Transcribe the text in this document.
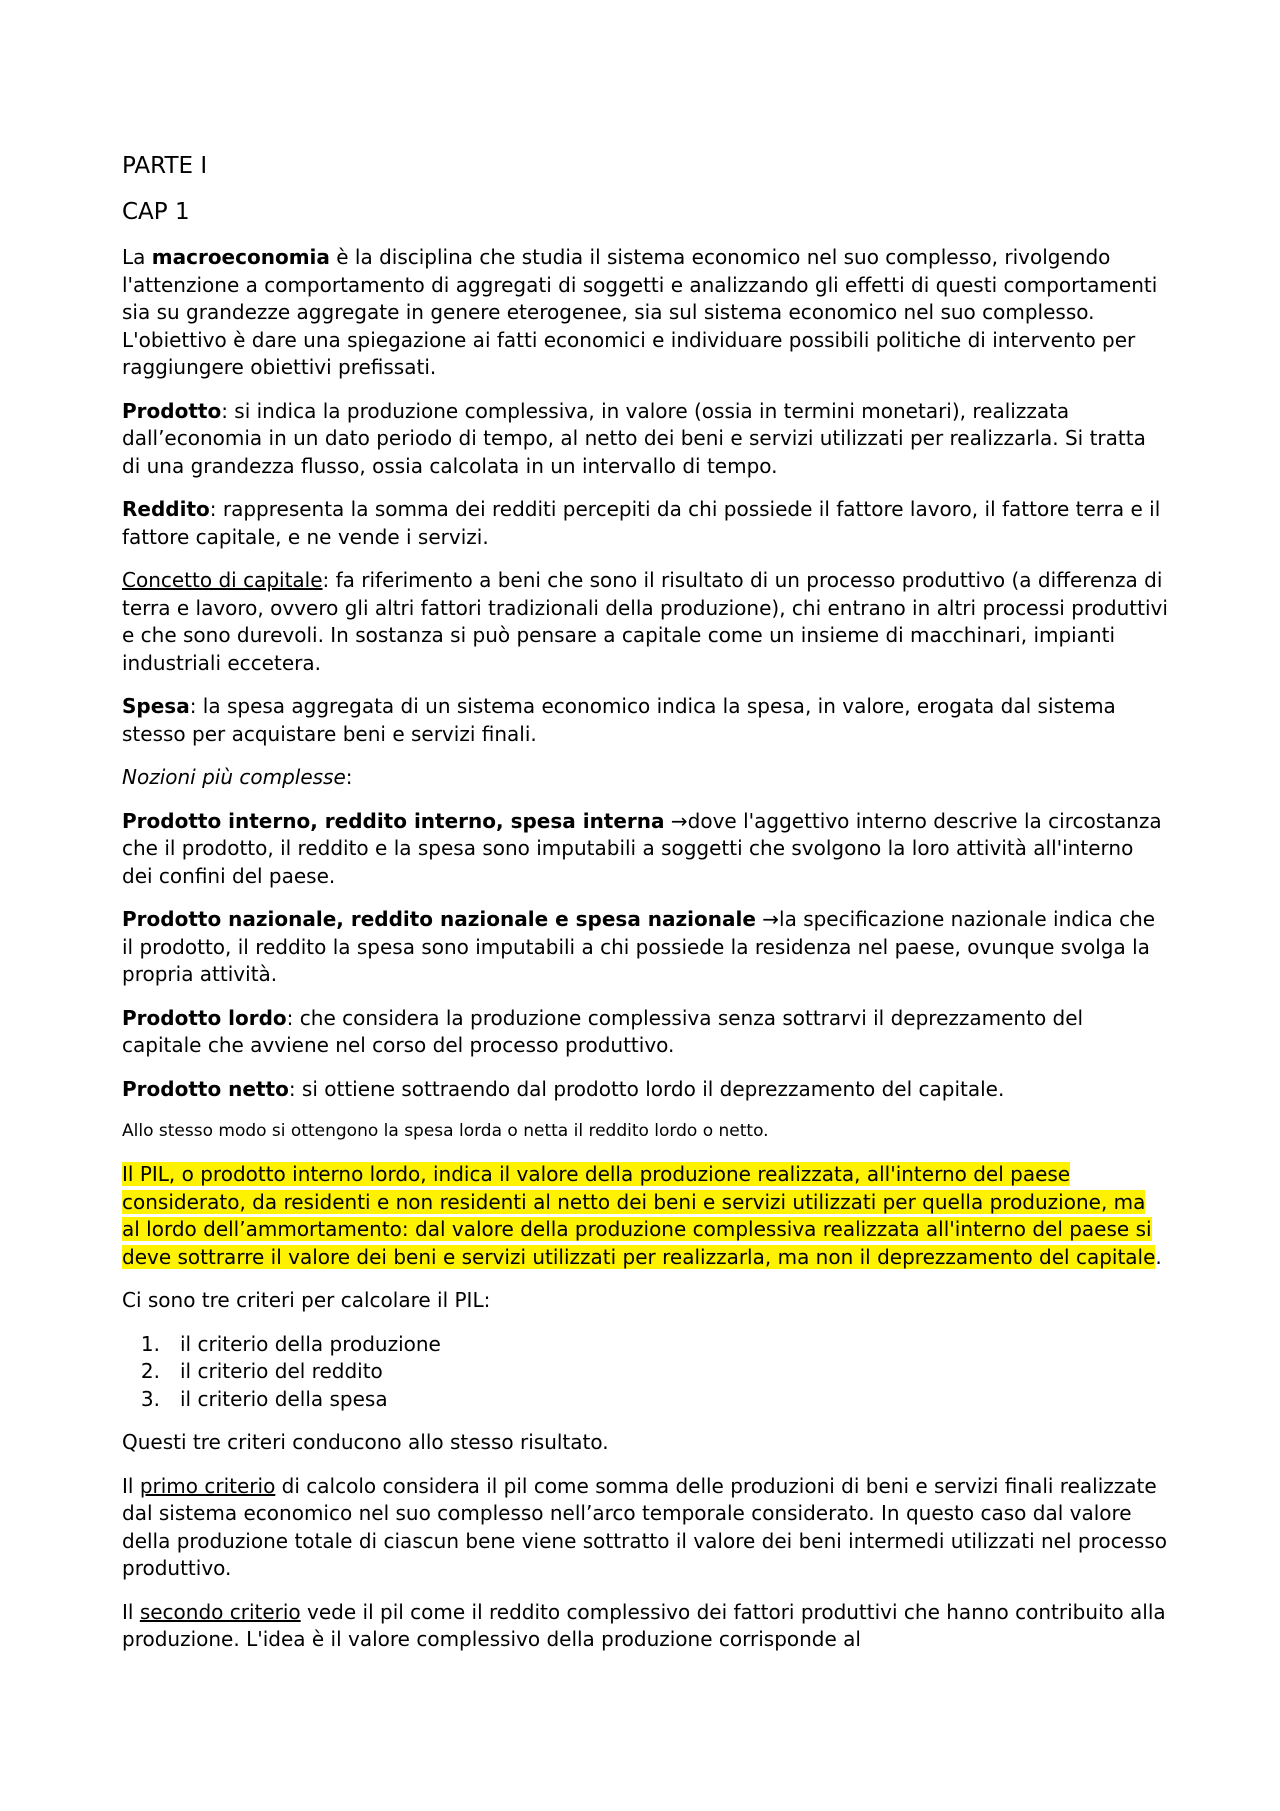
PARTE I
CAP 1

La macroeconomia è la disciplina che studia il sistema economico nel suo complesso, rivolgendo l'attenzione a comportamento di aggregati di soggetti e analizzando gli effetti di questi comportamenti sia su grandezze aggregate in genere eterogenee, sia sul sistema economico nel suo complesso. L'obiettivo è dare una spiegazione ai fatti economici e individuare possibili politiche di intervento per raggiungere obiettivi prefissati.

Prodotto: si indica la produzione complessiva, in valore (ossia in termini monetari), realizzata dall’economia in un dato periodo di tempo, al netto dei beni e servizi utilizzati per realizzarla. Si tratta di una grandezza flusso, ossia calcolata in un intervallo di tempo.

Reddito: rappresenta la somma dei redditi percepiti da chi possiede il fattore lavoro, il fattore terra e il fattore capitale, e ne vende i servizi.

Concetto di capitale: fa riferimento a beni che sono il risultato di un processo produttivo (a differenza di terra e lavoro, ovvero gli altri fattori tradizionali della produzione), chi entrano in altri processi produttivi e che sono durevoli. In sostanza si può pensare a capitale come un insieme di macchinari, impianti industriali eccetera.

Spesa: la spesa aggregata di un sistema economico indica la spesa, in valore, erogata dal sistema stesso per acquistare beni e servizi finali.

Nozioni più complesse:

Prodotto interno, reddito interno, spesa interna →dove l'aggettivo interno descrive la circostanza che il prodotto, il reddito e la spesa sono imputabili a soggetti che svolgono la loro attività all'interno dei confini del paese.

Prodotto nazionale, reddito nazionale e spesa nazionale →la specificazione nazionale indica che il prodotto, il reddito la spesa sono imputabili a chi possiede la residenza nel paese, ovunque svolga la propria attività.

Prodotto lordo: che considera la produzione complessiva senza sottrarvi il deprezzamento del capitale che avviene nel corso del processo produttivo.

Prodotto netto: si ottiene sottraendo dal prodotto lordo il deprezzamento del capitale.

Allo stesso modo si ottengono la spesa lorda o netta il reddito lordo o netto.

Il PIL, o prodotto interno lordo, indica il valore della produzione realizzata, all'interno del paese considerato, da residenti e non residenti al netto dei beni e servizi utilizzati per quella produzione, ma al lordo dell’ammortamento: dal valore della produzione complessiva realizzata all'interno del paese si deve sottrarre il valore dei beni e servizi utilizzati per realizzarla, ma non il deprezzamento del capitale.

Ci sono tre criteri per calcolare il PIL:

1. il criterio della produzione
2. il criterio del reddito
3. il criterio della spesa

Questi tre criteri conducono allo stesso risultato.

Il primo criterio di calcolo considera il pil come somma delle produzioni di beni e servizi finali realizzate dal sistema economico nel suo complesso nell’arco temporale considerato. In questo caso dal valore della produzione totale di ciascun bene viene sottratto il valore dei beni intermedi utilizzati nel processo produttivo.

Il secondo criterio vede il pil come il reddito complessivo dei fattori produttivi che hanno contribuito alla produzione. L'idea è il valore complessivo della produzione corrisponde al
